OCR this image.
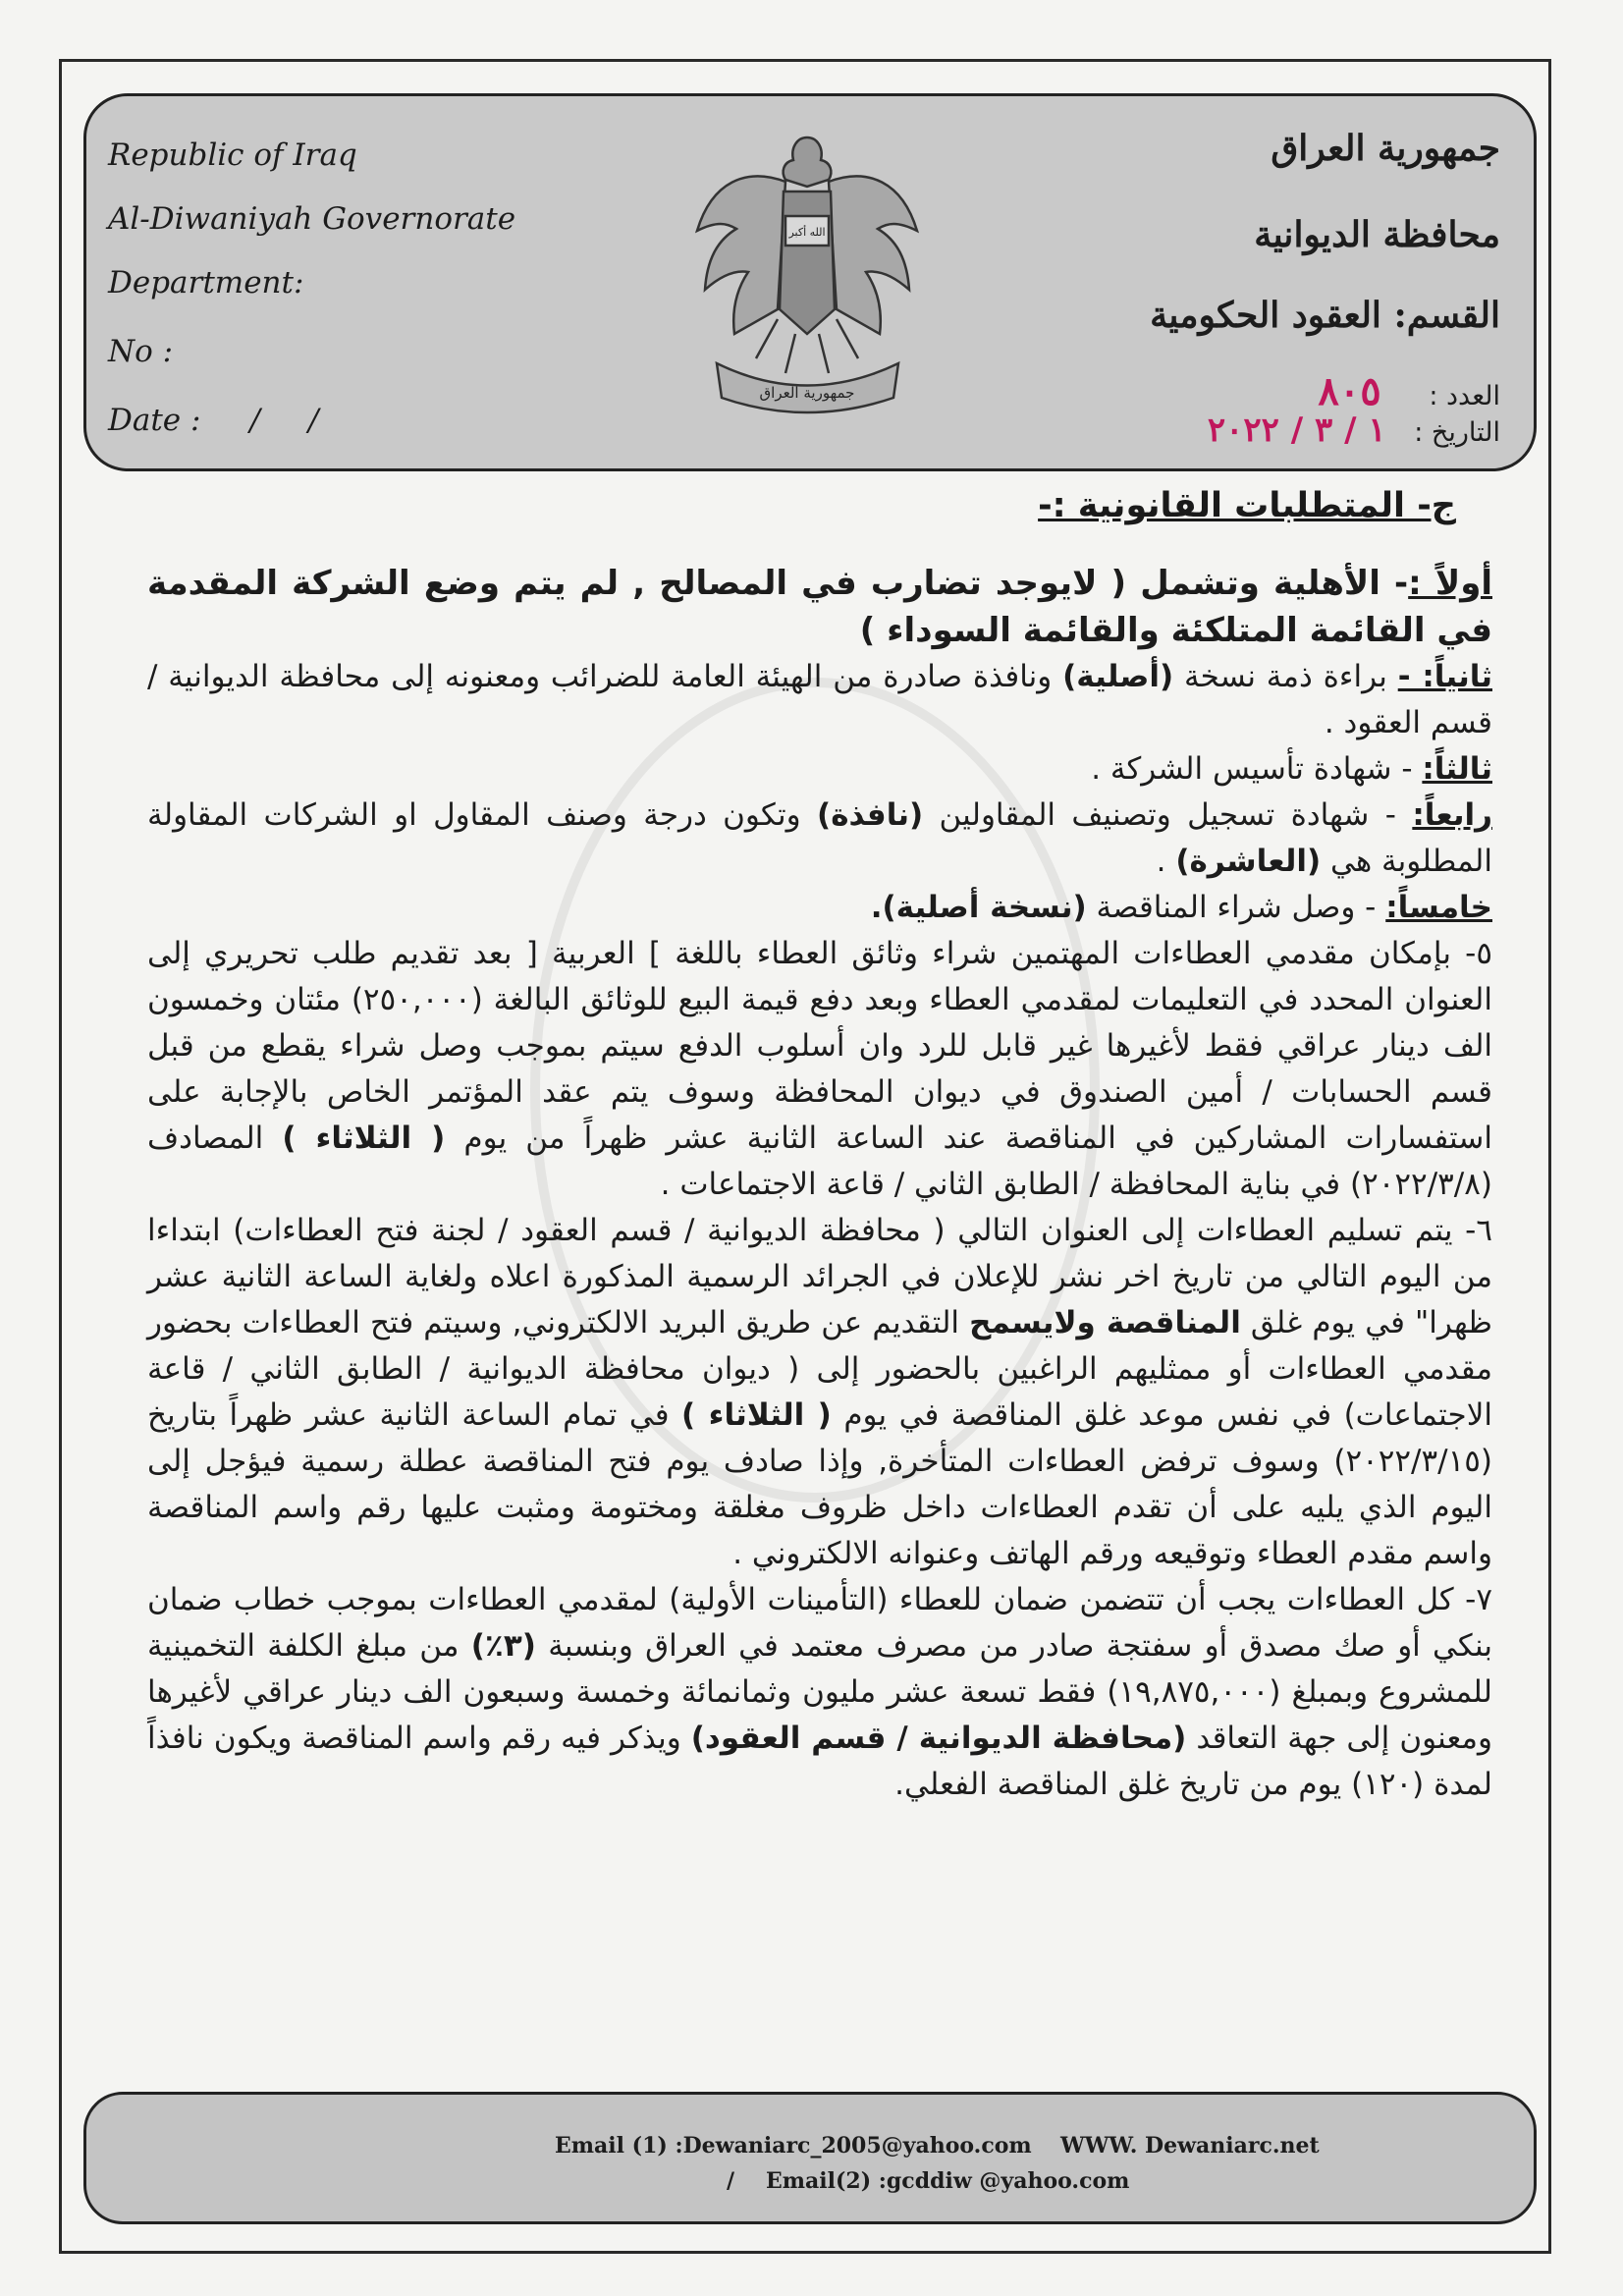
Republic of Iraq
Al-Diwaniyah Governorate
Department:
No :
Date : /     /
الله أكبر
جمهورية العراق
جمهورية العراق
محافظة الديوانية
القسم: العقود الحكومية
العدد : ٨٠٥
التاريخ : ١ / ٣ / ٢٠٢٢
ج- المتطلبات القانونية :-

أولاً :- الأهلية وتشمل ( لايوجد تضارب في المصالح , لم يتم وضع الشركة المقدمة في القائمة المتلكئة والقائمة السوداء )

ثانياً: - براءة ذمة نسخة (أصلية) ونافذة صادرة من الهيئة العامة للضرائب ومعنونه إلى محافظة الديوانية / قسم العقود .

ثالثاً: - شهادة تأسيس الشركة .

رابعاً: - شهادة تسجيل وتصنيف المقاولين (نافذة) وتكون درجة وصنف المقاول او الشركات المقاولة المطلوبة هي (العاشرة) .

خامساً: - وصل شراء المناقصة (نسخة أصلية).

٥- بإمكان مقدمي العطاءات المهتمين شراء وثائق العطاء باللغة ] العربية [ بعد تقديم طلب تحريري إلى العنوان المحدد في التعليمات لمقدمي العطاء وبعد دفع قيمة البيع للوثائق البالغة (٢٥٠,٠٠٠) مئتان وخمسون الف دينار عراقي فقط لأغيرها غير قابل للرد وان أسلوب الدفع سيتم بموجب وصل شراء يقطع من قبل قسم الحسابات / أمين الصندوق في ديوان المحافظة وسوف يتم عقد المؤتمر الخاص بالإجابة على استفسارات المشاركين في المناقصة عند الساعة الثانية عشر ظهراً من يوم ( الثلاثاء ) المصادف (٢٠٢٢/٣/٨) في بناية المحافظة / الطابق الثاني / قاعة الاجتماعات .

٦- يتم تسليم العطاءات إلى العنوان التالي ( محافظة الديوانية / قسم العقود / لجنة فتح العطاءات) ابتداءا من اليوم التالي من تاريخ اخر نشر للإعلان في الجرائد الرسمية المذكورة اعلاه ولغاية الساعة الثانية عشر ظهرا" في يوم غلق المناقصة ولايسمح التقديم عن طريق البريد الالكتروني, وسيتم فتح العطاءات بحضور مقدمي العطاءات أو ممثليهم الراغبين بالحضور إلى ( ديوان محافظة الديوانية / الطابق الثاني / قاعة الاجتماعات) في نفس موعد غلق المناقصة في يوم ( الثلاثاء ) في تمام الساعة الثانية عشر ظهراً بتاريخ (٢٠٢٢/٣/١٥) وسوف ترفض العطاءات المتأخرة, وإذا صادف يوم فتح المناقصة عطلة رسمية فيؤجل إلى اليوم الذي يليه على أن تقدم العطاءات داخل ظروف مغلقة ومختومة ومثبت عليها رقم واسم المناقصة واسم مقدم العطاء وتوقيعه ورقم الهاتف وعنوانه الالكتروني .

٧- كل العطاءات يجب أن تتضمن ضمان للعطاء (التأمينات الأولية) لمقدمي العطاءات بموجب خطاب ضمان بنكي أو صك مصدق أو سفتجة صادر من مصرف معتمد في العراق وبنسبة (٣٪) من مبلغ الكلفة التخمينية للمشروع وبمبلغ (١٩,٨٧٥,٠٠٠) فقط تسعة عشر مليون وثمانمائة وخمسة وسبعون الف دينار عراقي لأغيرها ومعنون إلى جهة التعاقد (محافظة الديوانية / قسم العقود) ويذكر فيه رقم واسم المناقصة ويكون نافذاً لمدة (١٢٠) يوم من تاريخ غلق المناقصة الفعلي.

Email (1) :Dewaniarc_2005@yahoo.com WWW. Dewaniarc.net
/ Email(2) :gcddiw @yahoo.com
